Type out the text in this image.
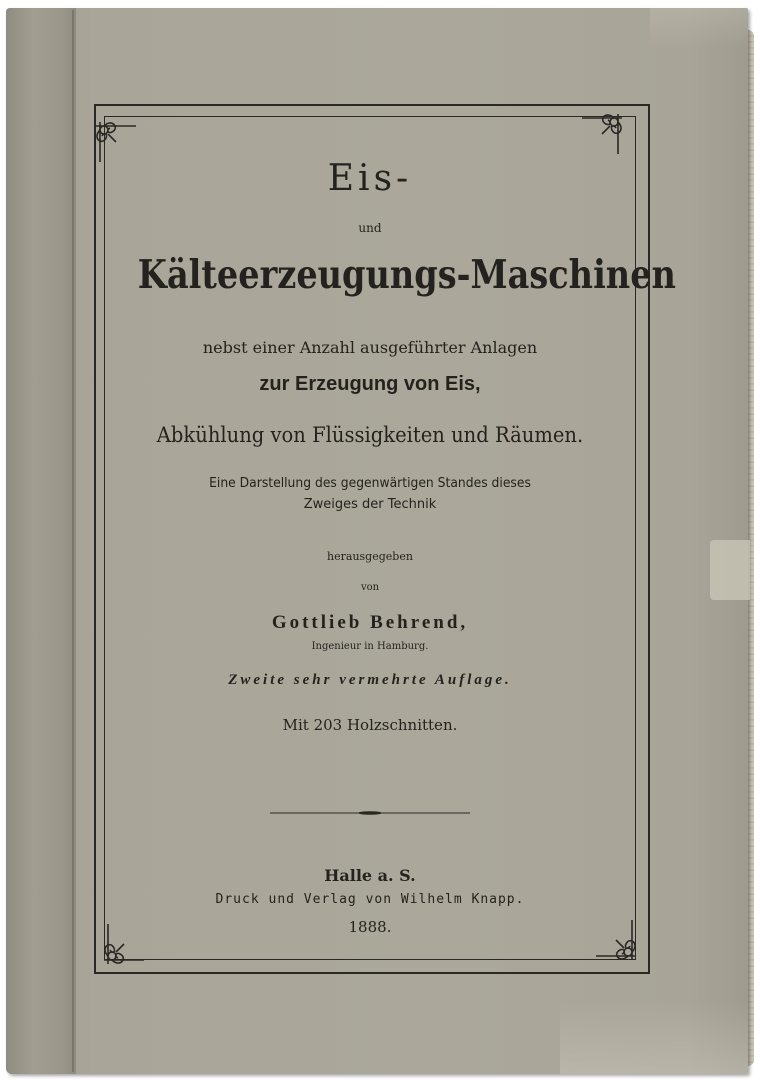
Eis-
und
Kälteerzeugungs-Maschinen
nebst einer Anzahl ausgeführter Anlagen
zur Erzeugung von Eis,
Abkühlung von Flüssigkeiten und Räumen.
Eine Darstellung des gegenwärtigen Standes dieses
Zweiges der Technik
herausgegeben
von
Gottlieb Behrend,
Ingenieur in Hamburg.
Zweite sehr vermehrte Auflage.
Mit 203 Holzschnitten.
Halle a. S.
Druck und Verlag von Wilhelm Knapp.
1888.
